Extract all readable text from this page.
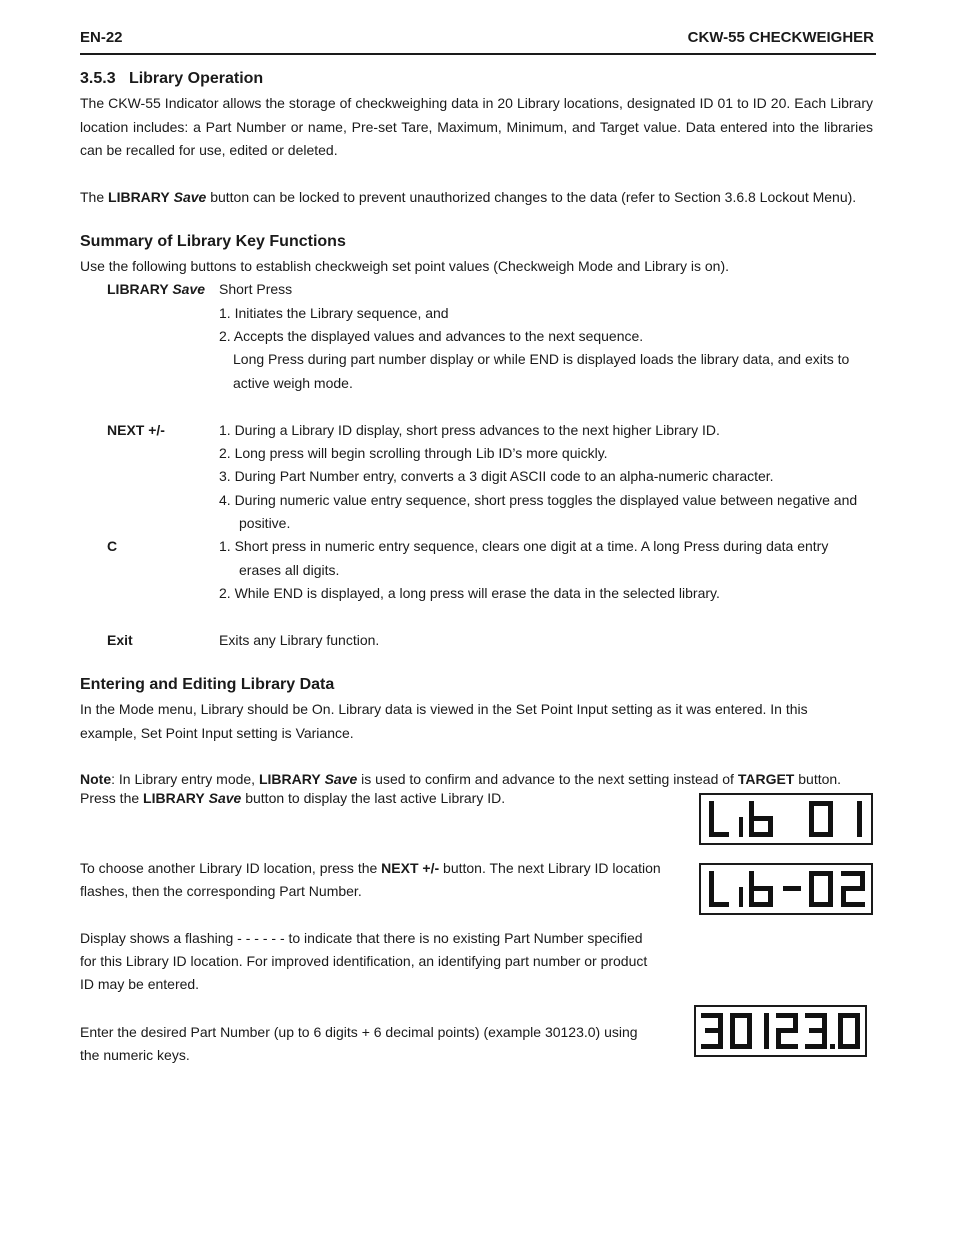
EN-22	CKW-55 CHECKWEIGHER
3.5.3 Library Operation
The CKW-55 Indicator allows the storage of checkweighing data in 20 Library locations, designated ID 01 to ID 20. Each Library location includes: a Part Number or name, Pre-set Tare, Maximum, Minimum, and Target value. Data entered into the libraries can be recalled for use, edited or deleted.
The LIBRARY Save button can be locked to prevent unauthorized changes to the data (refer to Section 3.6.8 Lockout Menu).
Summary of Library Key Functions
Use the following buttons to establish checkweigh set point values (Checkweigh Mode and Library is on).
LIBRARY Save Short Press
1. Initiates the Library sequence, and
2. Accepts the displayed values and advances to the next sequence.
Long Press during part number display or while END is displayed loads the library data, and exits to
active weigh mode.
NEXT +/-	1. During a Library ID display, short press advances to the next higher Library ID.
2. Long press will begin scrolling through Lib ID’s more quickly.
3. During Part Number entry, converts a 3 digit ASCII code to an alpha-numeric character.
4. During numeric value entry sequence, short press toggles the displayed value between negative and
positive.
C	1. Short press in numeric entry sequence, clears one digit at a time. A long Press during data entry
erases all digits.
2. While END is displayed, a long press will erase the data in the selected library.
Exit	Exits any Library function.
Entering and Editing Library Data
In the Mode menu, Library should be On. Library data is viewed in the Set Point Input setting as it was entered. In this example, Set Point Input setting is Variance.
Note: In Library entry mode, LIBRARY Save is used to confirm and advance to the next setting instead of TARGET button.
Press the LIBRARY Save button to display the last active Library ID.
To choose another Library ID location, press the NEXT +/- button. The next Library ID location
flashes, then the corresponding Part Number.
Display shows a flashing - - - - - - to indicate that there is no existing Part Number specified
for this Library ID location. For improved identification, an identifying part number or product
ID may be entered.
Enter the desired Part Number (up to 6 digits + 6 decimal points) (example 30123.0) using
the numeric keys.
